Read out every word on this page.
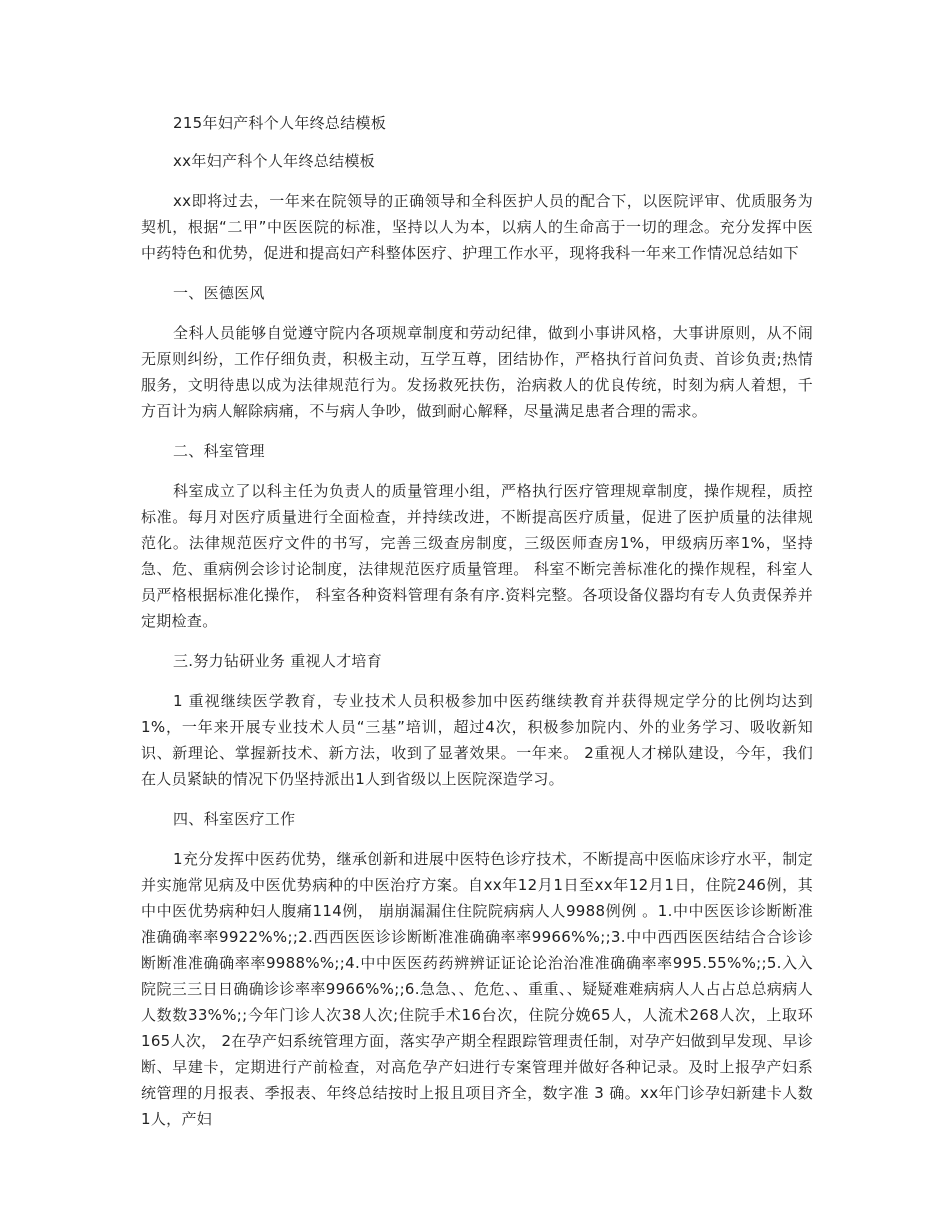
215年妇产科个人年终总结模板

xx年妇产科个人年终总结模板

xx即将过去，一年来在院领导的正确领导和全科医护人员的配合下，以医院评审、优质服务为契机，根据“二甲”中医医院的标准，坚持以人为本，以病人的生命高于一切的理念。充分发挥中医中药特色和优势，促进和提高妇产科整体医疗、护理工作水平，现将我科一年来工作情况总结如下

一、医德医风

全科人员能够自觉遵守院内各项规章制度和劳动纪律，做到小事讲风格，大事讲原则，从不闹无原则纠纷，工作仔细负责，积极主动，互学互尊，团结协作，严格执行首问负责、首诊负责;热情服务，文明待患以成为法律规范行为。发扬救死扶伤，治病救人的优良传统，时刻为病人着想，千方百计为病人解除病痛，不与病人争吵，做到耐心解释，尽量满足患者合理的需求。

二、科室管理

科室成立了以科主任为负责人的质量管理小组，严格执行医疗管理规章制度，操作规程，质控标准。每月对医疗质量进行全面检查，并持续改进，不断提高医疗质量，促进了医护质量的法律规范化。法律规范医疗文件的书写，完善三级查房制度，三级医师查房1%，甲级病历率1%，坚持急、危、重病例会诊讨论制度，法律规范医疗质量管理。 科室不断完善标准化的操作规程，科室人员严格根据标准化操作， 科室各种资料管理有条有序.资料完整。各项设备仪器均有专人负责保养并定期检查。

三.努力钻研业务 重视人才培育

1 重视继续医学教育，专业技术人员积极参加中医药继续教育并获得规定学分的比例均达到1%，一年来开展专业技术人员“三基”培训，超过4次，积极参加院内、外的业务学习、吸收新知识、新理论、掌握新技术、新方法，收到了显著效果。一年来。 2重视人才梯队建设，今年，我们在人员紧缺的情况下仍坚持派出1人到省级以上医院深造学习。

四、科室医疗工作

1充分发挥中医药优势，继承创新和进展中医特色诊疗技术，不断提高中医临床诊疗水平，制定并实施常见病及中医优势病种的中医治疗方案。自xx年12月1日至xx年12月1日，住院246例，其中中医优势病种妇人腹痛114例， 崩崩漏漏住住院院病病人人9988例例 。1.中中医医诊诊断断准准确确率率9922%%;;2.西西医医诊诊断断准准确确率率9966%%;;3.中中西西医医结结合合诊诊断断准准确确率率9988%%;;4.中中医医药药辨辨证证论论治治准准确确率率995.55%%;;5.入入院院三三日日确确诊诊率率9966%%;;6.急急、、危危、、重重、、疑疑难难病病人人占占总总病病人人数数33%%;;今年门诊人次38人次;住院手术16台次，住院分娩65人，人流术268人次，上取环165人次， 2在孕产妇系统管理方面，落实孕产期全程跟踪管理责任制，对孕产妇做到早发现、早诊断、早建卡，定期进行产前检查，对高危孕产妇进行专案管理并做好各种记录。及时上报孕产妇系统管理的月报表、季报表、年终总结按时上报且项目齐全，数字准 3 确。xx年门诊孕妇新建卡人数1人，产妇
